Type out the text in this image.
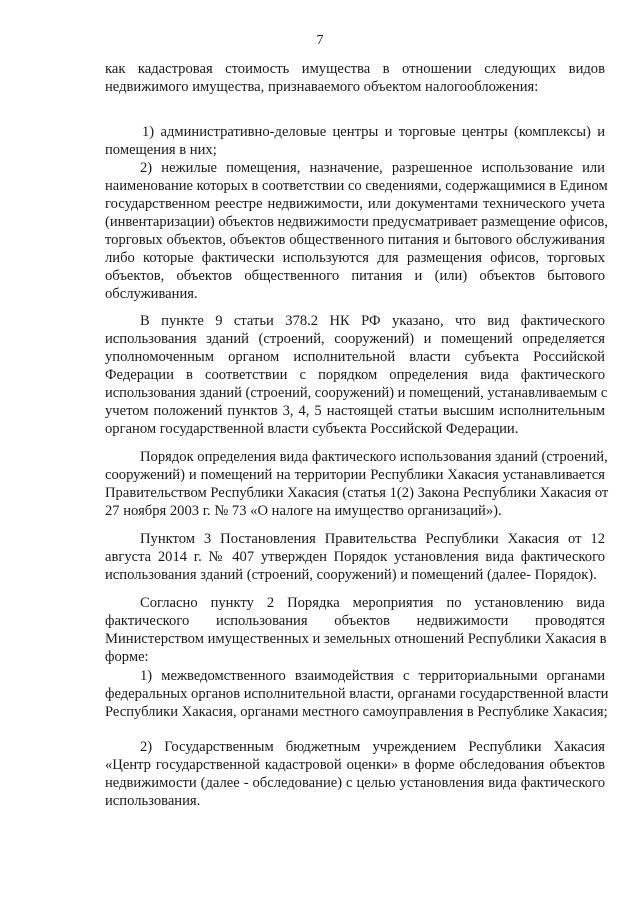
7
как кадастровая стоимость имущества в отношении следующих видов
недвижимого имущества, признаваемого объектом налогообложения:
1) административно-деловые центры и торговые центры (комплексы) и
помещения в них;
2) нежилые помещения, назначение, разрешенное использование или
наименование которых в соответствии со сведениями, содержащимися в Едином
государственном реестре недвижимости, или документами технического учета
(инвентаризации) объектов недвижимости предусматривает размещение офисов,
торговых объектов, объектов общественного питания и бытового обслуживания
либо которые фактически используются для размещения офисов, торговых
объектов, объектов общественного питания и (или) объектов бытового
обслуживания.
В пункте 9 статьи 378.2 НК РФ указано, что вид фактического
использования зданий (строений, сооружений) и помещений определяется
уполномоченным органом исполнительной власти субъекта Российской
Федерации в соответствии с порядком определения вида фактического
использования зданий (строений, сооружений) и помещений, устанавливаемым с
учетом положений пунктов 3, 4, 5 настоящей статьи высшим исполнительным
органом государственной власти субъекта Российской Федерации.
Порядок определения вида фактического использования зданий (строений,
сооружений) и помещений на территории Республики Хакасия устанавливается
Правительством Республики Хакасия (статья 1(2) Закона Республики Хакасия от
27 ноября 2003 г. № 73 «О налоге на имущество организаций»).
Пунктом 3 Постановления Правительства Республики Хакасия от 12
августа 2014 г. № 407 утвержден Порядок установления вида фактического
использования зданий (строений, сооружений) и помещений (далее- Порядок).
Согласно пункту 2 Порядка мероприятия по установлению вида
фактического использования объектов недвижимости проводятся
Министерством имущественных и земельных отношений Республики Хакасия в
форме:
1) межведомственного взаимодействия с территориальными органами
федеральных органов исполнительной власти, органами государственной власти
Республики Хакасия, органами местного самоуправления в Республике Хакасия;
2) Государственным бюджетным учреждением Республики Хакасия
«Центр государственной кадастровой оценки» в форме обследования объектов
недвижимости (далее - обследование) с целью установления вида фактического
использования.
